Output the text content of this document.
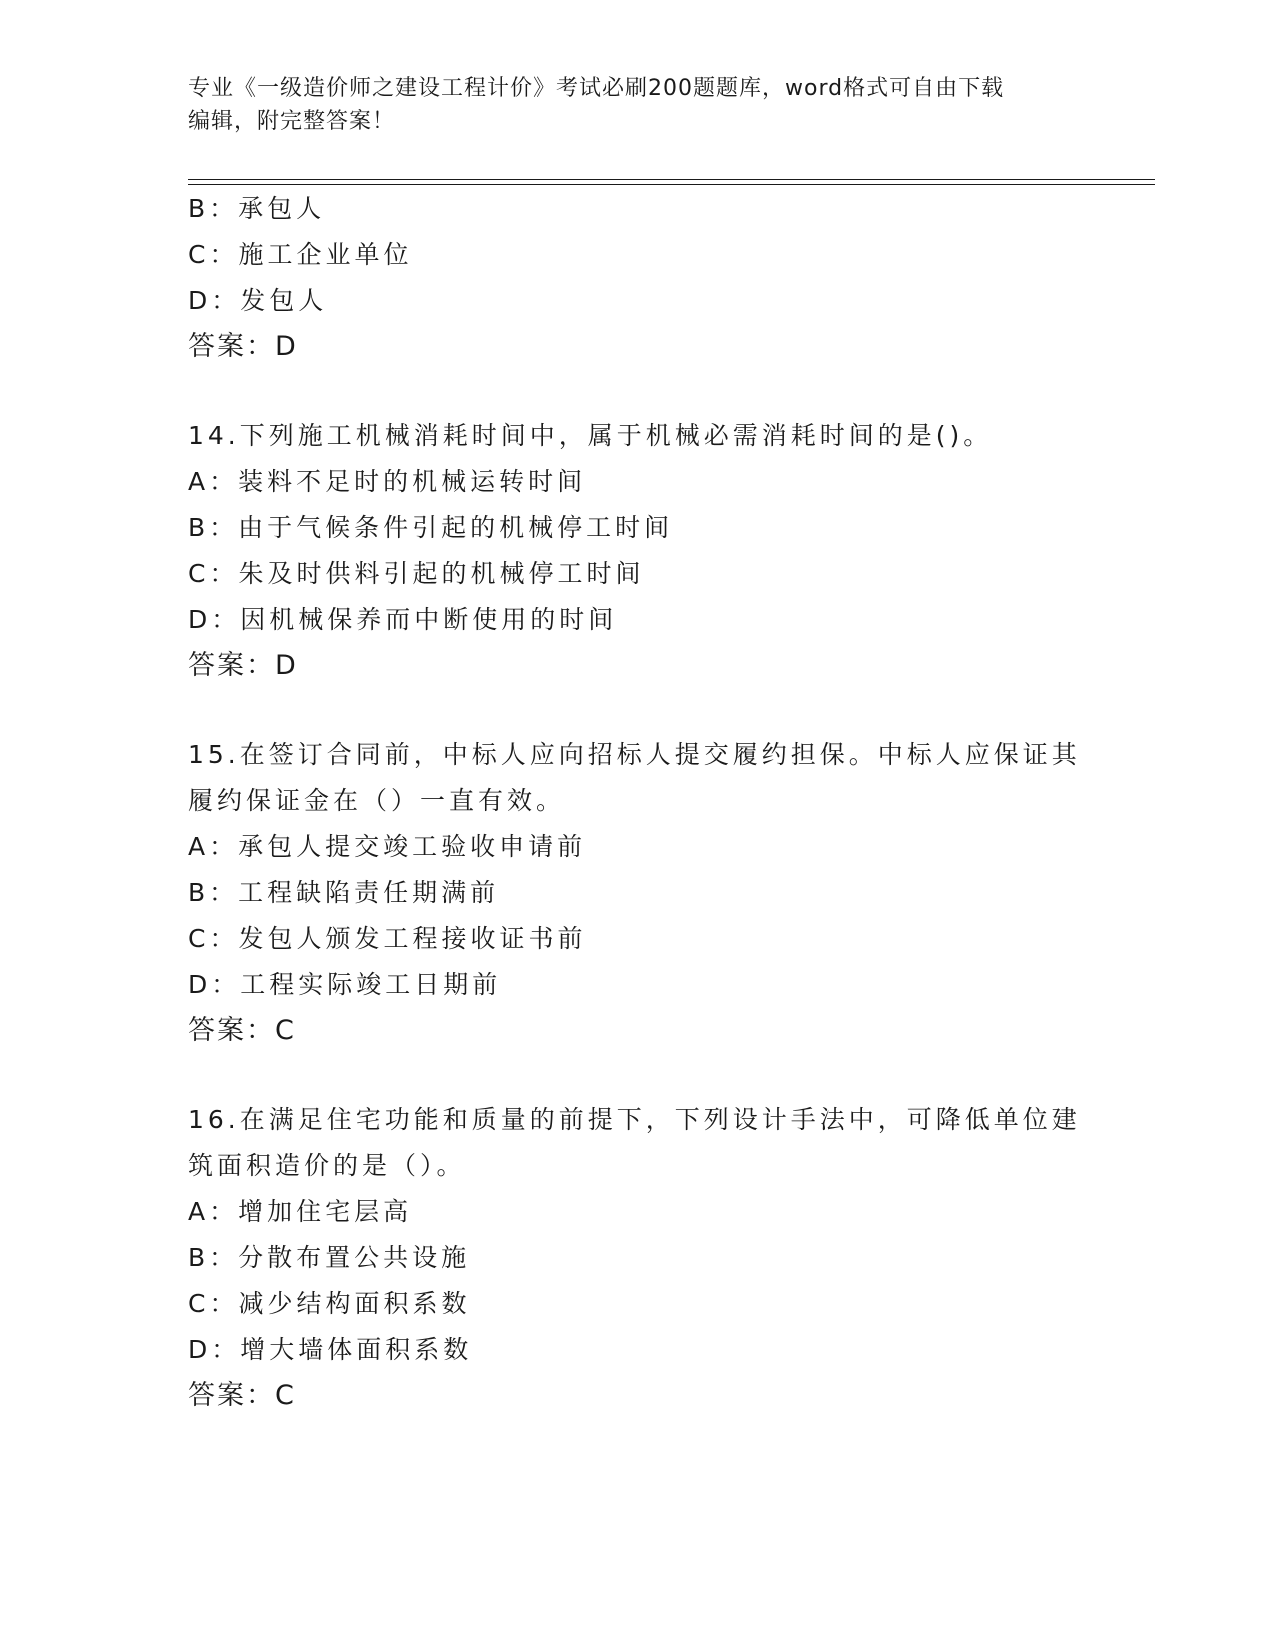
专业《一级造价师之建设工程计价》考试必刷200题题库，word格式可自由下载
编辑，附完整答案！
B：承包人
C：施工企业单位
D：发包人
答案：D
14.下列施工机械消耗时间中，属于机械必需消耗时间的是()。
A：装料不足时的机械运转时间
B：由于气候条件引起的机械停工时间
C：朱及时供料引起的机械停工时间
D：因机械保养而中断使用的时间
答案：D
15.在签订合同前，中标人应向招标人提交履约担保。中标人应保证其
履约保证金在（）一直有效。
A：承包人提交竣工验收申请前
B：工程缺陷责任期满前
C：发包人颁发工程接收证书前
D：工程实际竣工日期前
答案：C
16.在满足住宅功能和质量的前提下，下列设计手法中，可降低单位建
筑面积造价的是（）。
A：增加住宅层高
B：分散布置公共设施
C：减少结构面积系数
D：增大墙体面积系数
答案：C
